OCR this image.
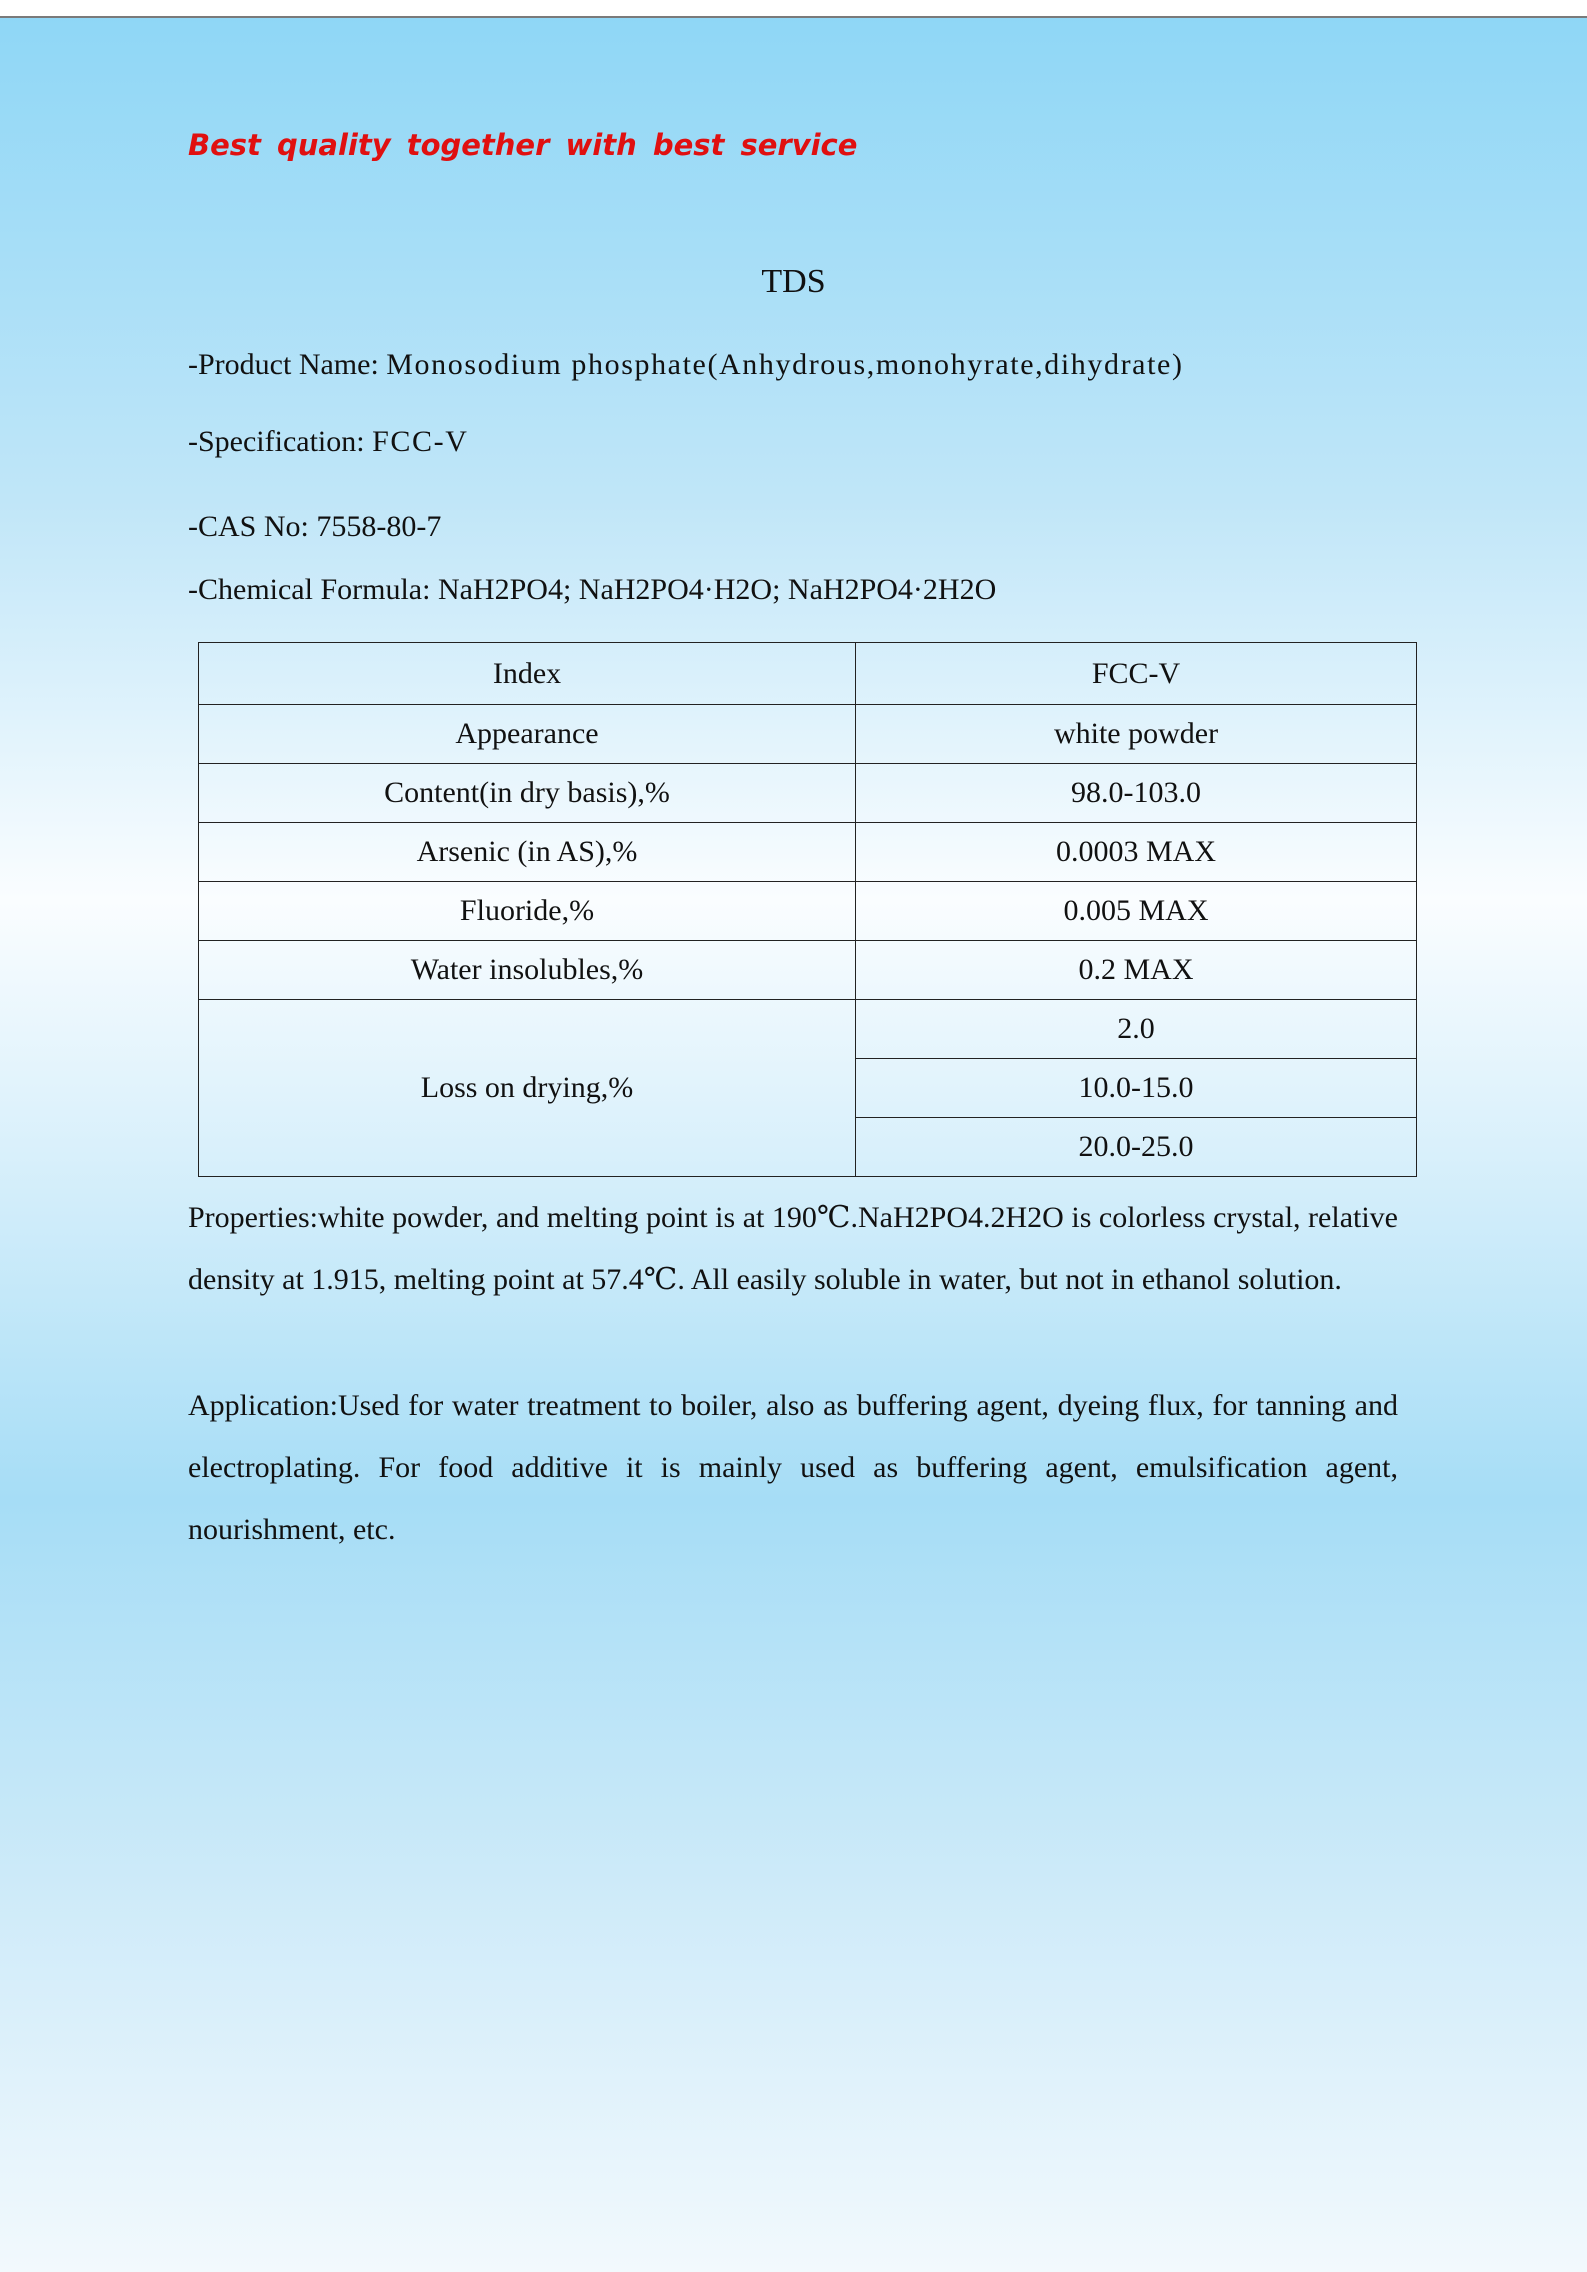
Best quality together with best service
TDS
-Product Name: Monosodium phosphate(Anhydrous,monohyrate,dihydrate)
-Specification: FCC-V
-CAS No: 7558-80-7
-Chemical Formula: NaH2PO4; NaH2PO4·H2O; NaH2PO4·2H2O
Index	FCC-V
Appearance	white powder
Content(in dry basis),%	98.0-103.0
Arsenic (in AS),%	0.0003 MAX
Fluoride,%	0.005 MAX
Water insolubles,%	0.2 MAX
Loss on drying,%	2.0
	10.0-15.0
	20.0-25.0
Properties:white powder, and melting point is at 190℃.NaH2PO4.2H2O is colorless crystal, relative density at 1.915, melting point at 57.4℃. All easily soluble in water, but not in ethanol solution.
Application:Used for water treatment to boiler, also as buffering agent, dyeing flux, for tanning and electroplating. For food additive it is mainly used as buffering agent, emulsification agent, nourishment, etc.
